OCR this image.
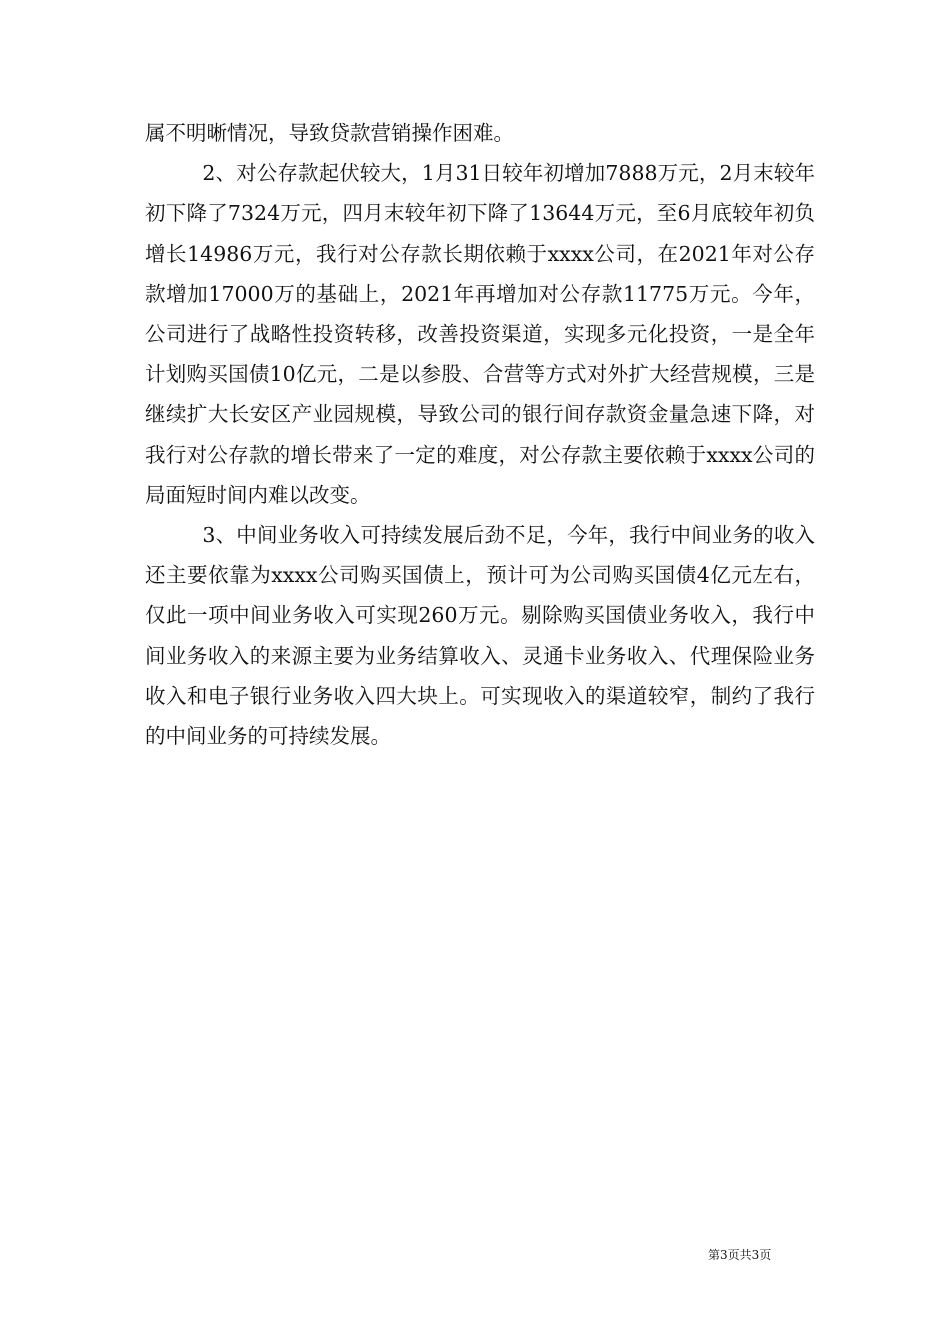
属不明晰情况，导致贷款营销操作困难。

2、对公存款起伏较大，1月31日较年初增加7888万元，2月末较年初下降了7324万元，四月末较年初下降了13644万元，至6月底较年初负增长14986万元，我行对公存款长期依赖于xxxx公司，在2021年对公存款增加17000万的基础上，2021年再增加对公存款11775万元。今年，公司进行了战略性投资转移，改善投资渠道，实现多元化投资，一是全年计划购买国债10亿元，二是以参股、合营等方式对外扩大经营规模，三是继续扩大长安区产业园规模，导致公司的银行间存款资金量急速下降，对我行对公存款的增长带来了一定的难度，对公存款主要依赖于xxxx公司的局面短时间内难以改变。

3、中间业务收入可持续发展后劲不足，今年，我行中间业务的收入还主要依靠为xxxx公司购买国债上，预计可为公司购买国债4亿元左右，仅此一项中间业务收入可实现260万元。剔除购买国债业务收入，我行中间业务收入的来源主要为业务结算收入、灵通卡业务收入、代理保险业务收入和电子银行业务收入四大块上。可实现收入的渠道较窄，制约了我行的中间业务的可持续发展。

第3页共3页
